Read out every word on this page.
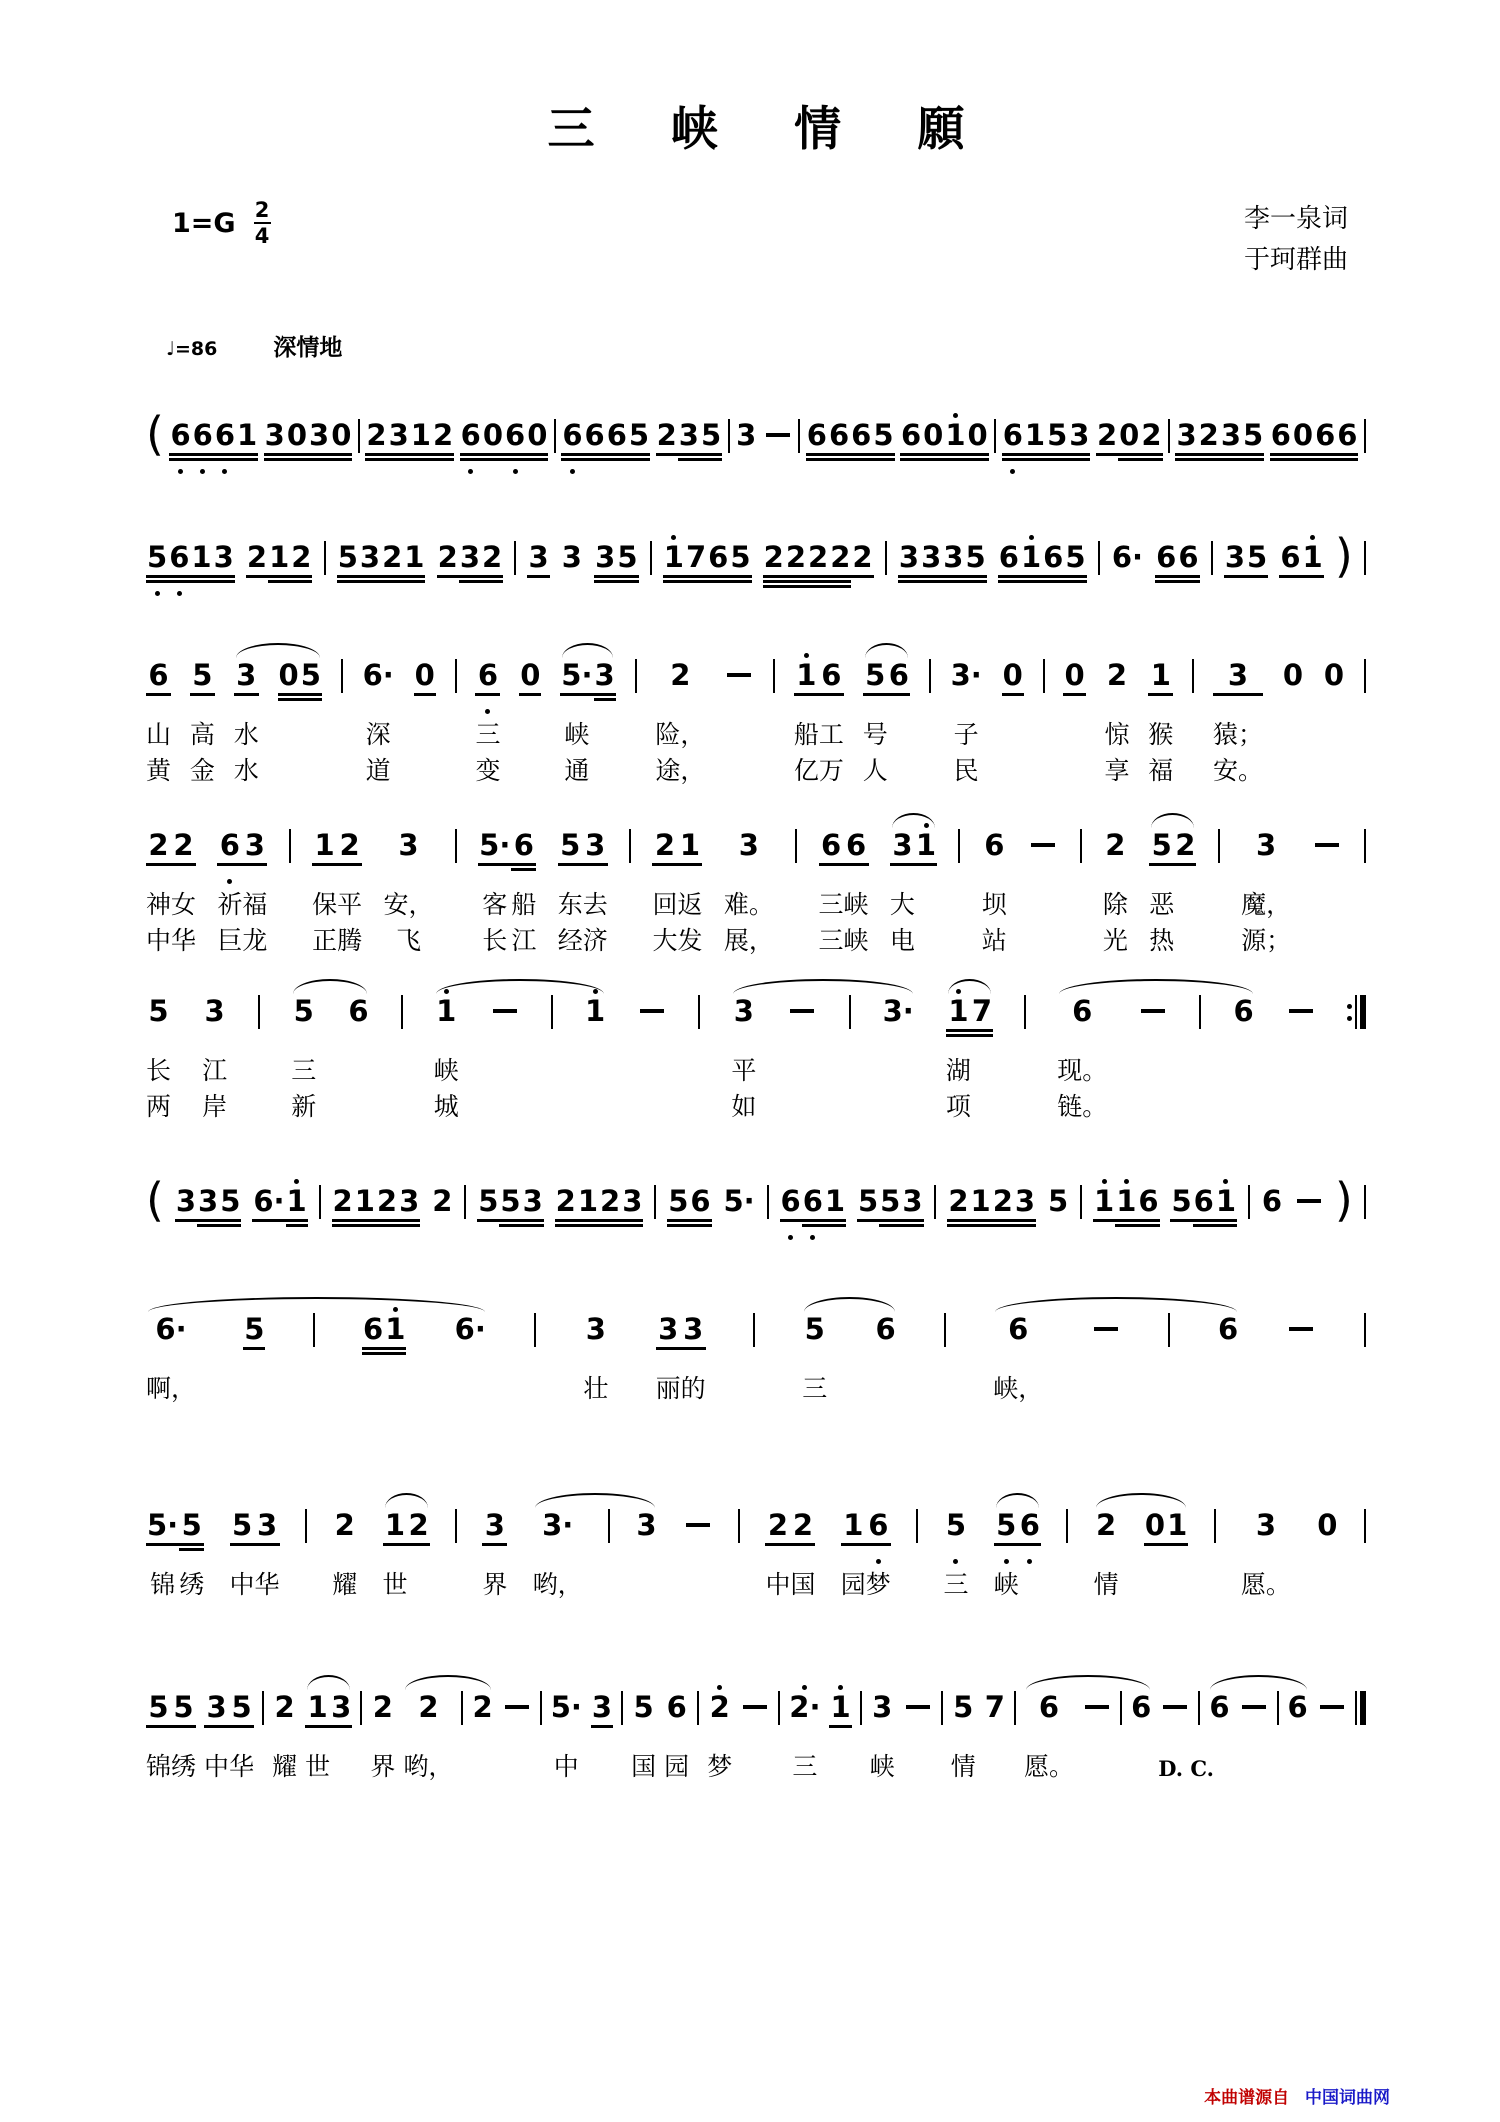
三 峡 情 願
1=G 2
4
李一泉词
于珂群曲
♩=86 深情地
( 6 6 6 1 3 0 3 0 2 3 1 2 6 0 6 0 6 6 6 5 2 3 5 3 6 6 6 5 6 0 1 0 6 1 5 3 2 0 2 3 2 3 5 6 0 6 6
5 6 1 3 2 1 2 5 3 2 1 2 3 2 3 3 3 5 1 7 6 5 2 2 2 2 2 3 3 3 5 6 1 6 5 6· 6 6 3 5 6 1 )
6
山
黄
5
高
金
3
水
水
0 5 6·
深
道
0 6
三
变
0 5·
峡
通
3	2
险，
途，
1
船
亿
6
工
万
5
号
人
6 3·
子
民
0 0 2
惊
享
1
猴
福
3
猿；
安。
0 0
2
神
中
2
女
华
6
祈
巨
3
福
龙
1
保
正
2
平
腾
3
安，
飞
5·
客
长
6
船
江
5
东
经
3
去
济
2
回
大
1
返
发
3
难。
展，
6
三
三
6
峡
峡
3
大
电
1 6
坝
站
2
除
光
5
恶
热
2	3
魔，
源；
5
长
两
3
江
岸
5
三
新
6 1
峡
城
1	3
平
如
3· 1
湖
项
7	6
现。
链。
6
( 3 3 5 6· 1 2 1 2 3 2 5 5 3 2 1 2 3 5 6 5· 6 6 1 5 5 3 2 1 2 3 5 1 1 6 5 6 1 6 )
6·
啊，
5	6 1 6·	3
壮
3
丽
3
的
5
三
6	6
峡，
6
5·
锦
5
绣
5
中
3
华
2
耀
1
世
2 3
界
3·
哟，
3	2
中
2
国
1
园
6
梦
5
三
5
峡
6 2
情
0 1	3
愿。
0
5
锦
5
绣
3
中
5
华
2
耀
1
世
3 2
界
2
哟，
2 5·
中
3 5
国
6
园
2
梦
2·
三
1 3
峡
5
情
7	6
愿。
6 6 6
D. C.
本曲谱源自 中国词曲网
